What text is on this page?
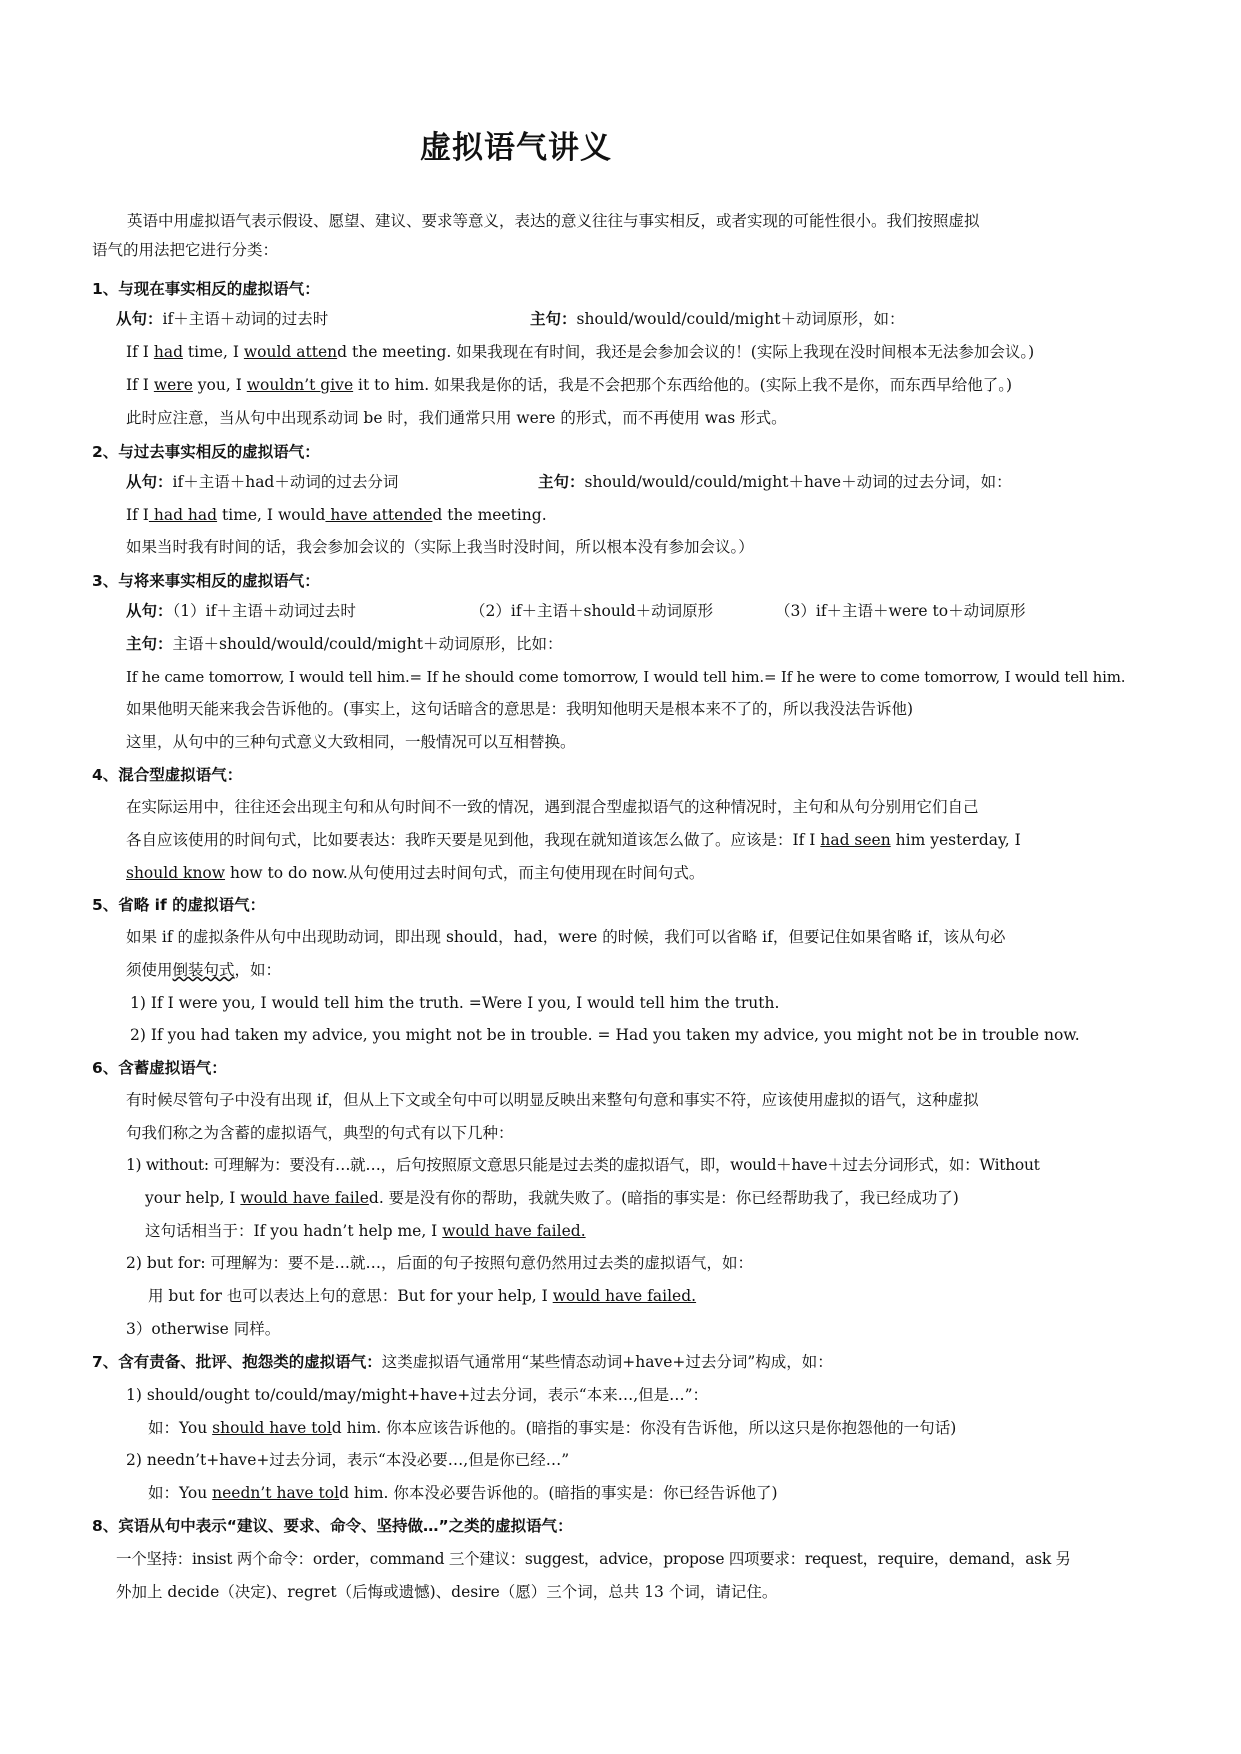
虚拟语气讲义
英语中用虚拟语气表示假设、愿望、建议、要求等意义，表达的意义往往与事实相反，或者实现的可能性很小。我们按照虚拟
语气的用法把它进行分类：
1、与现在事实相反的虚拟语气：
从句：if＋主语＋动词的过去时	主句：should/would/could/might＋动词原形，如：
If I had time, I would attend the meeting. 如果我现在有时间，我还是会参加会议的！(实际上我现在没时间根本无法参加会议。)
If I were you, I wouldn’t give it to him. 如果我是你的话，我是不会把那个东西给他的。(实际上我不是你，而东西早给他了。)
此时应注意，当从句中出现系动词 be 时，我们通常只用 were 的形式，而不再使用 was 形式。
2、与过去事实相反的虚拟语气：
从句：if＋主语＋had＋动词的过去分词	主句：should/would/could/might＋have＋动词的过去分词，如：
If I had had time, I would have attended the meeting.
如果当时我有时间的话，我会参加会议的（实际上我当时没时间，所以根本没有参加会议。）
3、与将来事实相反的虚拟语气：
从句：（1）if＋主语＋动词过去时	（2）if＋主语＋should＋动词原形	（3）if＋主语＋were to＋动词原形
主句：主语＋should/would/could/might＋动词原形，比如：
If he came tomorrow, I would tell him.= If he should come tomorrow, I would tell him.= If he were to come tomorrow, I would tell him.
如果他明天能来我会告诉他的。(事实上，这句话暗含的意思是：我明知他明天是根本来不了的，所以我没法告诉他)
这里，从句中的三种句式意义大致相同，一般情况可以互相替换。
4、混合型虚拟语气：
在实际运用中，往往还会出现主句和从句时间不一致的情况，遇到混合型虚拟语气的这种情况时，主句和从句分别用它们自己
各自应该使用的时间句式，比如要表达：我昨天要是见到他，我现在就知道该怎么做了。应该是：If I had seen him yesterday, I
should know how to do now.从句使用过去时间句式，而主句使用现在时间句式。
5、省略 if 的虚拟语气：
如果 if 的虚拟条件从句中出现助动词，即出现 should，had，were 的时候，我们可以省略 if，但要记住如果省略 if，该从句必
须使用倒装句式，如：
1) If I were you, I would tell him the truth. =Were I you, I would tell him the truth.
2) If you had taken my advice, you might not be in trouble. = Had you taken my advice, you might not be in trouble now.
6、含蓄虚拟语气：
有时候尽管句子中没有出现 if，但从上下文或全句中可以明显反映出来整句句意和事实不符，应该使用虚拟的语气，这种虚拟
句我们称之为含蓄的虚拟语气，典型的句式有以下几种：
1) without: 可理解为：要没有…就…，后句按照原文意思只能是过去类的虚拟语气，即，would＋have＋过去分词形式，如：Without
your help, I would have failed. 要是没有你的帮助，我就失败了。(暗指的事实是：你已经帮助我了，我已经成功了)
这句话相当于：If you hadn’t help me, I would have failed.
2) but for: 可理解为：要不是…就…，后面的句子按照句意仍然用过去类的虚拟语气，如：
用 but for 也可以表达上句的意思：But for your help, I would have failed.
3）otherwise 同样。
7、含有责备、批评、抱怨类的虚拟语气：这类虚拟语气通常用“某些情态动词+have+过去分词”构成，如：
1) should/ought to/could/may/might+have+过去分词，表示“本来…,但是…”：
如：You should have told him. 你本应该告诉他的。(暗指的事实是：你没有告诉他，所以这只是你抱怨他的一句话)
2) needn’t+have+过去分词，表示“本没必要…,但是你已经…”
如：You needn’t have told him. 你本没必要告诉他的。(暗指的事实是：你已经告诉他了)
8、宾语从句中表示“建议、要求、命令、坚持做…”之类的虚拟语气：
一个坚持：insist 两个命令：order，command 三个建议：suggest，advice，propose 四项要求：request，require，demand，ask 另
外加上 decide（决定)、regret（后悔或遗憾)、desire（愿）三个词，总共 13 个词，请记住。
